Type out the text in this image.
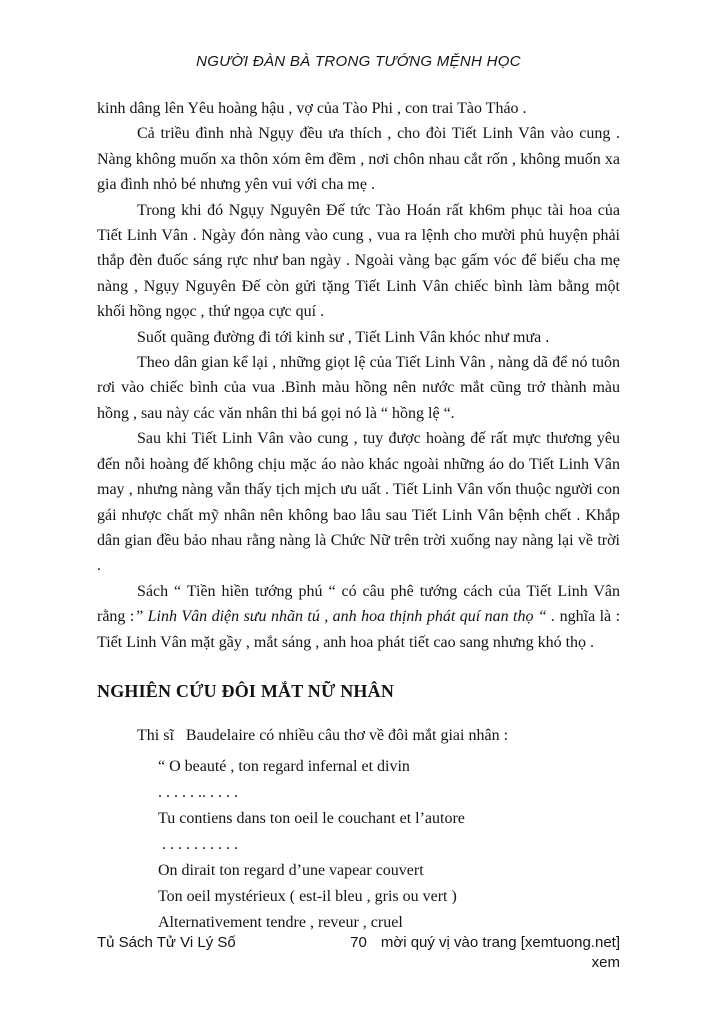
NGƯỜI ĐÀN BÀ TRONG TƯỚNG MỆNH HỌC

kinh dâng lên Yêu hoàng hậu , vợ của Tào Phi , con trai Tào Tháo .

Cả triều đình nhà Ngụy đều ưa thích , cho đòi Tiết Linh Vân vào cung . Nàng không muốn xa thôn xóm êm đềm , nơi chôn nhau cắt rốn , không muốn xa gia đình nhỏ bé nhưng yên vui với cha mẹ .

Trong khi đó Ngụy Nguyên Đế tức Tào Hoán rất kh6m phục tài hoa của Tiết Linh Vân . Ngày đón nàng vào cung , vua ra lệnh cho mười phủ huyện phải thắp đèn đuốc sáng rực như ban ngày . Ngoài vàng bạc gấm vóc để biếu cha mẹ nàng , Ngụy Nguyên Đế còn gửi tặng Tiết Linh Vân chiếc bình làm bằng một khối hồng ngọc , thứ ngọa cực quí .

Suốt quãng đường đi tới kinh sư , Tiết Linh Vân khóc như mưa .

Theo dân gian kể lại , những giọt lệ của Tiết Linh Vân , nàng dã để nó tuôn rơi vào chiếc bình của vua .Bình màu hồng nên nước mắt cũng trở thành màu hồng , sau này các văn nhân thi bá gọi nó là “ hồng lệ “.

Sau khi Tiết Linh Vân vào cung , tuy được hoàng đế rất mực thương yêu đến nỗi hoàng đế không chịu mặc áo nào khác ngoài những áo do Tiết Linh Vân may , nhưng nàng vẫn thấy tịch mịch ưu uất . Tiết Linh Vân vốn thuộc người con gái nhược chất mỹ nhân nên không bao lâu sau Tiết Linh Vân bệnh chết . Khắp dân gian đều bảo nhau rằng nàng là Chức Nữ trên trời xuống nay nàng lại về trời .

Sách “ Tiền hiền tướng phú “ có câu phê tướng cách của Tiết Linh Vân rằng :” Linh Vân diện sưu nhãn tú , anh hoa thịnh phát quí nan thọ “ . nghĩa là : Tiết Linh Vân mặt gầy , mắt sáng , anh hoa phát tiết cao sang nhưng khó thọ .

NGHIÊN CỨU ĐÔI MẮT NỮ NHÂN

Thi sĩ   Baudelaire có nhiều câu thơ về đôi mắt giai nhân :

“ O beauté , ton regard infernal et divin
. . . . . .. . . . .
Tu contiens dans ton oeil le couchant et l’autore
. . . . . . . . . .
On dirait ton regard d’une vapear couvert
Ton oeil mystérieux ( est-il bleu , gris ou vert )
Alternativement tendre , reveur , cruel
Tủ Sách Tử Vi Lý Số	70 mời quý vị vào trang [xemtuong.net] xem
